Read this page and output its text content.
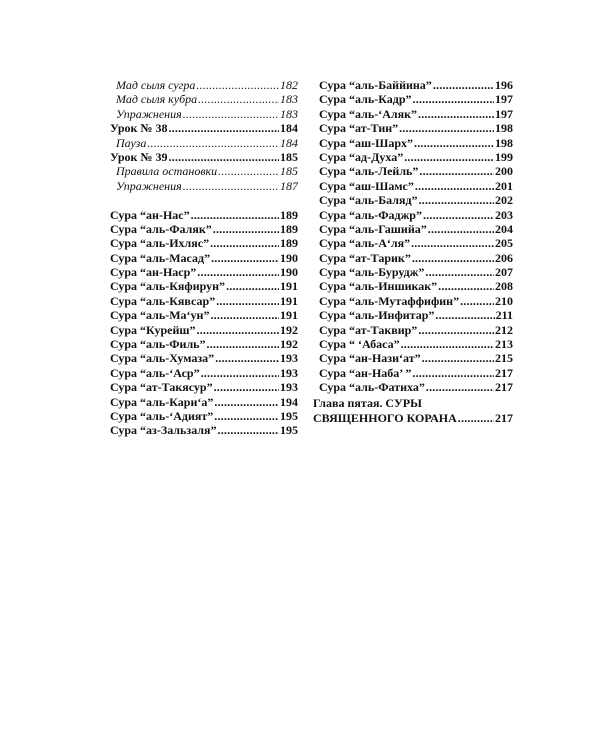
Мад сыля сугра .....	182
Мад сыля кубра .....	183
Упражнения .....	183
Урок № 38 .....	184
Пауза .....	184
Урок № 39 .....	185
Правила остановки .....	185
Упражнения .....	187
Сура “ан-Нас” .....	189
Сура “аль-Фаляк” .....	189
Сура “аль-Ихляс” .....	189
Сура “аль-Масад” .....	190
Сура “ан-Наср” .....	190
Сура “аль-Кяфирун” .....	191
Сура “аль-Кявсар” .....	191
Сура “аль-Ма‘ун” .....	191
Сура “Курейш” .....	192
Сура “аль-Филь” .....	192
Сура “аль-Хумаза” .....	193
Сура “аль-‘Аср” .....	193
Сура “ат-Такясур” .....	193
Сура “аль-Кари‘а” .....	194
Сура “аль-‘Адият” .....	195
Сура “аз-Зальзаля” .....	195
Сура “аль-Баййина” .....	196
Сура “аль-Кадр” .....	197
Сура “аль-‘Аляк” .....	197
Сура “ат-Тин” .....	198
Сура “аш-Шарх” .....	198
Сура “ад-Духа” .....	199
Сура “аль-Лейль” .....	200
Сура “аш-Шамс” .....	201
Сура “аль-Баляд” .....	202
Сура “аль-Фаджр” .....	203
Сура “аль-Гашийа” .....	204
Сура “аль-А‘ля” .....	205
Сура “ат-Тарик” .....	206
Сура “аль-Бурудж” .....	207
Сура “аль-Иншикак” .....	208
Сура “аль-Мутаффифин” .....	210
Сура “аль-Инфитар” .....	211
Сура “ат-Таквир” .....	212
Сура “ ‘Абаса” .....	213
Сура “ан-Нази‘ат” .....	215
Сура “ан-Наба’ ” .....	217
Сура “аль-Фатиха” .....	217
Глава пятая. СУРЫ
СВЯЩЕННОГО КОРАНА .....	217
